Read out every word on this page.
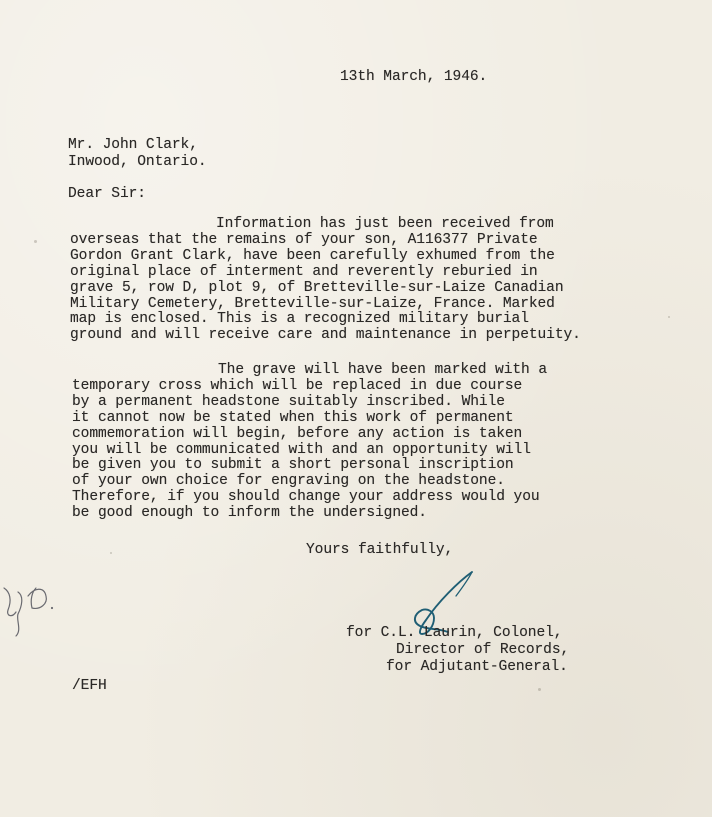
13th March, 1946.
Mr. John Clark,
Inwood, Ontario.
Dear Sir:
Information has just been received from
overseas that the remains of your son, A116377 Private
Gordon Grant Clark, have been carefully exhumed from the
original place of interment and reverently reburied in
grave 5, row D, plot 9, of Bretteville-sur-Laize Canadian
Military Cemetery, Bretteville-sur-Laize, France. Marked
map is enclosed. This is a recognized military burial
ground and will receive care and maintenance in perpetuity.
The grave will have been marked with a
temporary cross which will be replaced in due course
by a permanent headstone suitably inscribed. While
it cannot now be stated when this work of permanent
commemoration will begin, before any action is taken
you will be communicated with and an opportunity will
be given you to submit a short personal inscription
of your own choice for engraving on the headstone.
Therefore, if you should change your address would you
be good enough to inform the undersigned.
Yours faithfully,
for C.L. Laurin, Colonel,
Director of Records,
for Adjutant-General.
/EFH
